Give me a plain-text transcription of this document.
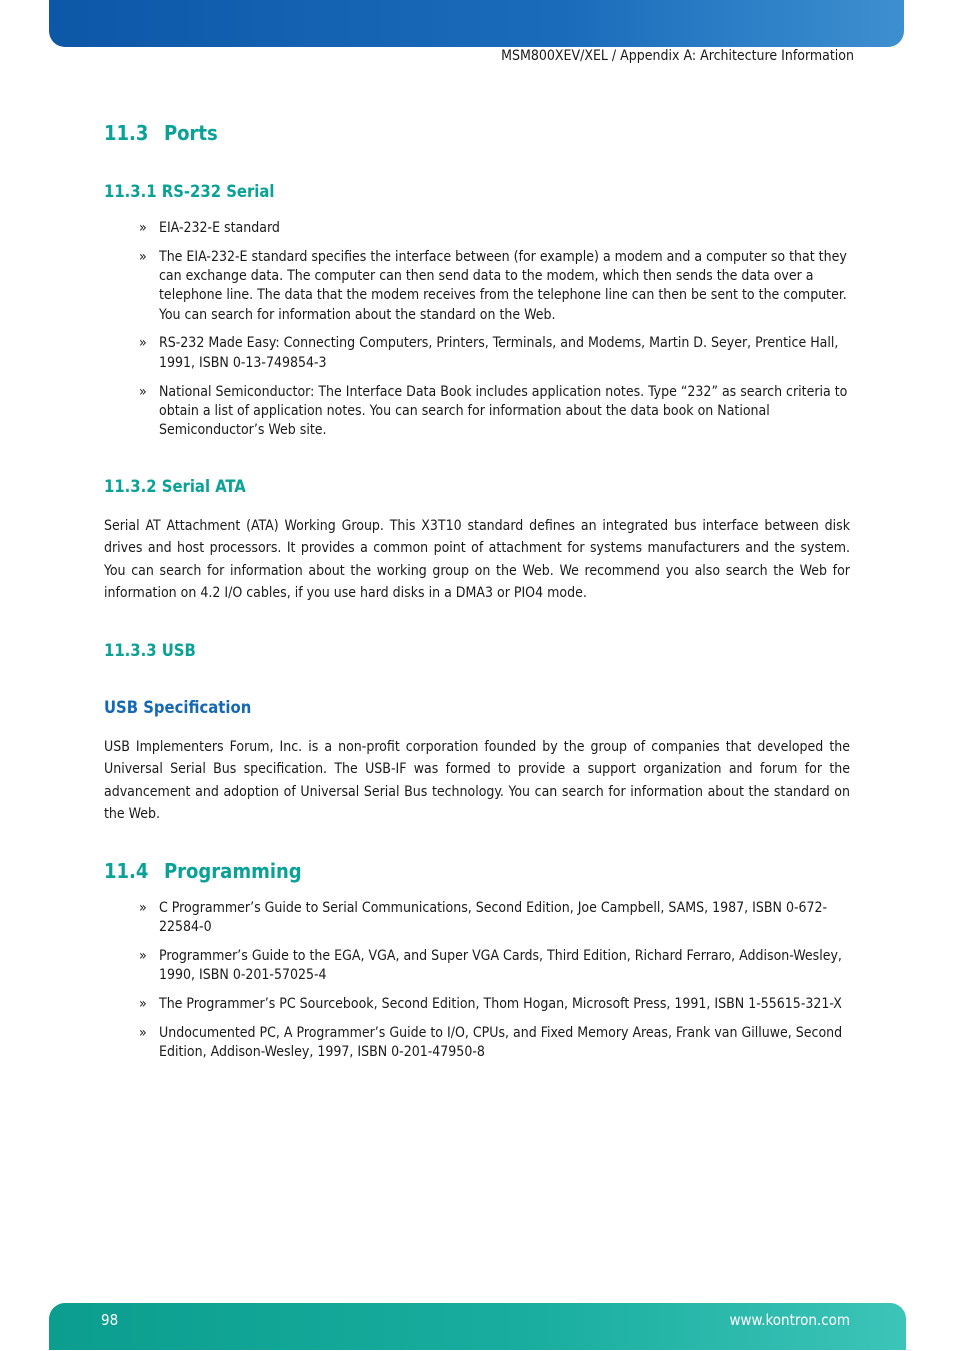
MSM800XEV/XEL / Appendix A: Architecture Information
11.3 Ports
11.3.1 RS-232 Serial
» EIA-232-E standard
» The EIA-232-E standard specifies the interface between (for example) a modem and a computer so that they can exchange data. The computer can then send data to the modem, which then sends the data over a telephone line. The data that the modem receives from the telephone line can then be sent to the computer. You can search for information about the standard on the Web.
» RS-232 Made Easy: Connecting Computers, Printers, Terminals, and Modems, Martin D. Seyer, Prentice Hall, 1991, ISBN 0-13-749854-3
» National Semiconductor: The Interface Data Book includes application notes. Type “232” as search criteria to obtain a list of application notes. You can search for information about the data book on National Semiconductor’s Web site.
11.3.2 Serial ATA

Serial AT Attachment (ATA) Working Group. This X3T10 standard defines an integrated bus interface between disk drives and host processors. It provides a common point of attachment for systems manufacturers and the system. You can search for information about the working group on the Web. We recommend you also search the Web for information on 4.2 I/O cables, if you use hard disks in a DMA3 or PIO4 mode.

11.3.3 USB
USB Specification

USB Implementers Forum, Inc. is a non-profit corporation founded by the group of companies that developed the Universal Serial Bus specification. The USB-IF was formed to provide a support organization and forum for the advancement and adoption of Universal Serial Bus technology. You can search for information about the standard on the Web.

11.4 Programming
» C Programmer’s Guide to Serial Communications, Second Edition, Joe Campbell, SAMS, 1987, ISBN 0-672-22584-0
» Programmer’s Guide to the EGA, VGA, and Super VGA Cards, Third Edition, Richard Ferraro, Addison-Wesley, 1990, ISBN 0-201-57025-4
» The Programmer’s PC Sourcebook, Second Edition, Thom Hogan, Microsoft Press, 1991, ISBN 1-55615-321-X
» Undocumented PC, A Programmer’s Guide to I/O, CPUs, and Fixed Memory Areas, Frank van Gilluwe, Second Edition, Addison-Wesley, 1997, ISBN 0-201-47950-8
98	www.kontron.com
